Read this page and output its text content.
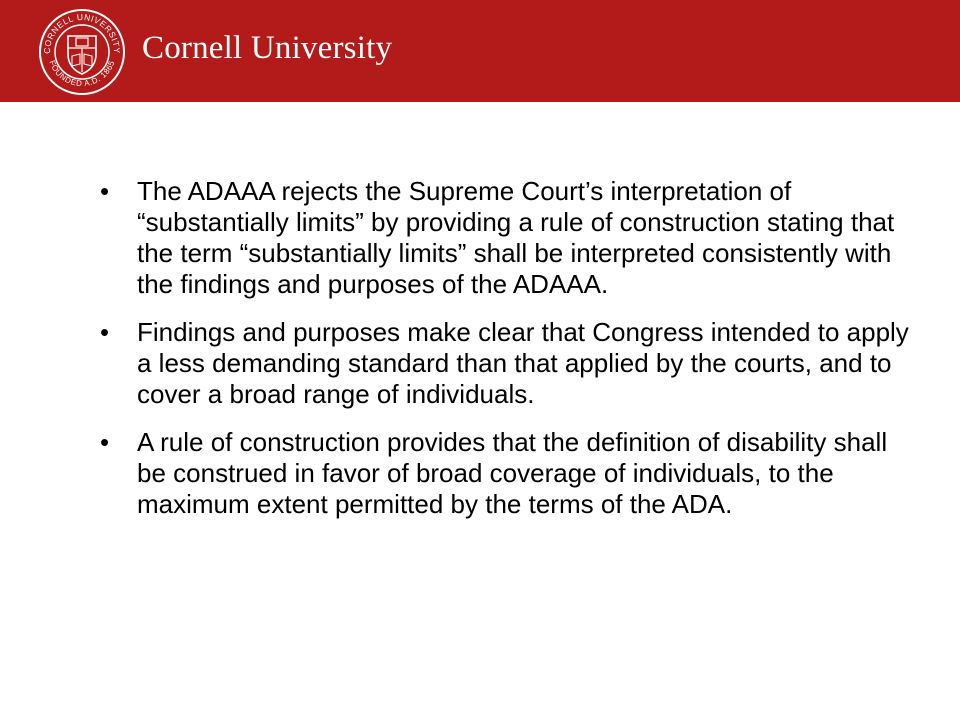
CORNELL UNIVERSITY
FOUNDED A.D. 1865 Cornell University
• The ADAAA rejects the Supreme Court’s interpretation of “substantially limits” by providing a rule of construction stating that the term “substantially limits” shall be interpreted consistently with the findings and purposes of the ADAAA.
• Findings and purposes make clear that Congress intended to apply a less demanding standard than that applied by the courts, and to cover a broad range of individuals.
• A rule of construction provides that the definition of disability shall be construed in favor of broad coverage of individuals, to the maximum extent permitted by the terms of the ADA.
